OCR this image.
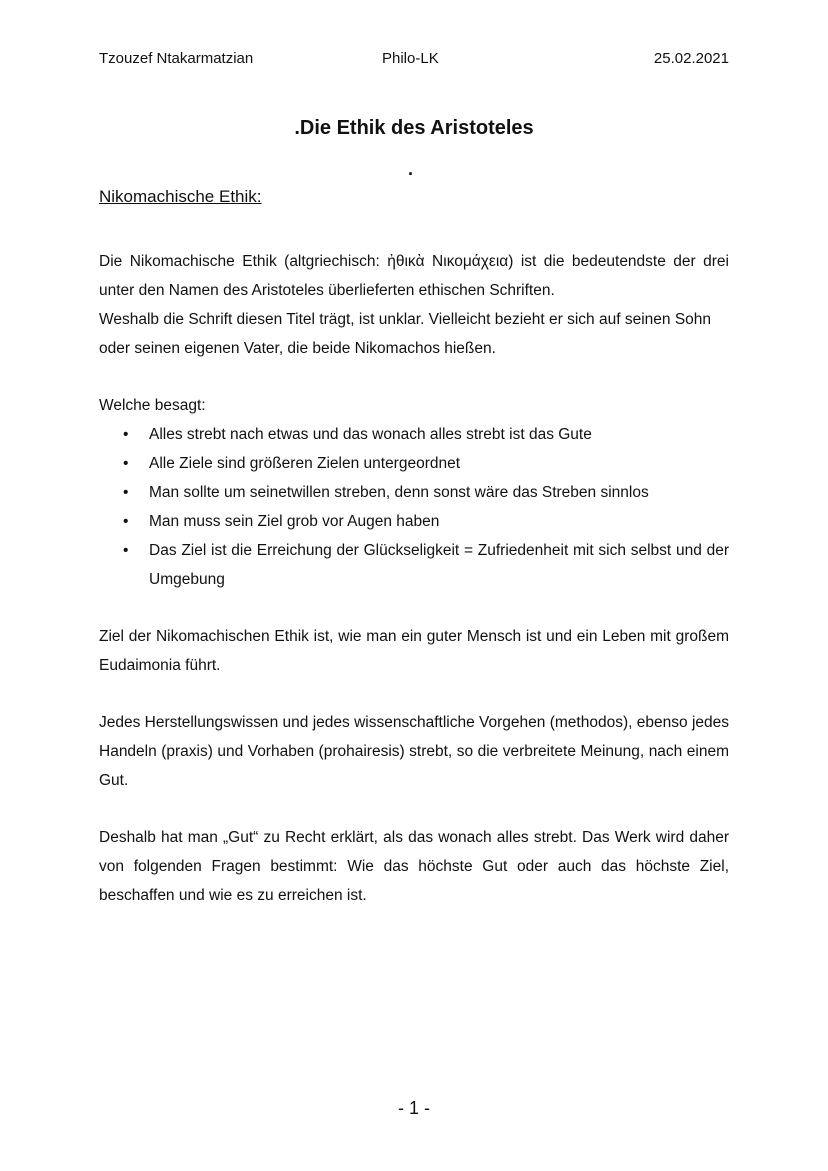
Tzouzef Ntakarmatzian	Philo-LK	25.02.2021
.Die Ethik des Aristoteles
.
Nikomachische Ethik:
Die Nikomachische Ethik (altgriechisch: ἠθικὰ Νικομάχεια) ist die bedeutendste der drei unter den Namen des Aristoteles überlieferten ethischen Schriften.
Weshalb die Schrift diesen Titel trägt, ist unklar. Vielleicht bezieht er sich auf seinen Sohn oder seinen eigenen Vater, die beide Nikomachos hießen.
Welche besagt:
• Alles strebt nach etwas und das wonach alles strebt ist das Gute
• Alle Ziele sind größeren Zielen untergeordnet
• Man sollte um seinetwillen streben, denn sonst wäre das Streben sinnlos
• Man muss sein Ziel grob vor Augen haben
• Das Ziel ist die Erreichung der Glückseligkeit = Zufriedenheit mit sich selbst und der Umgebung
Ziel der Nikomachischen Ethik ist, wie man ein guter Mensch ist und ein Leben mit großem Eudaimonia führt.
Jedes Herstellungswissen und jedes wissenschaftliche Vorgehen (methodos), ebenso jedes Handeln (praxis) und Vorhaben (prohairesis) strebt, so die verbreitete Meinung, nach einem Gut.
Deshalb hat man „Gut“ zu Recht erklärt, als das wonach alles strebt. Das Werk wird daher von folgenden Fragen bestimmt: Wie das höchste Gut oder auch das höchste Ziel, beschaffen und wie es zu erreichen ist.
- 1 -
